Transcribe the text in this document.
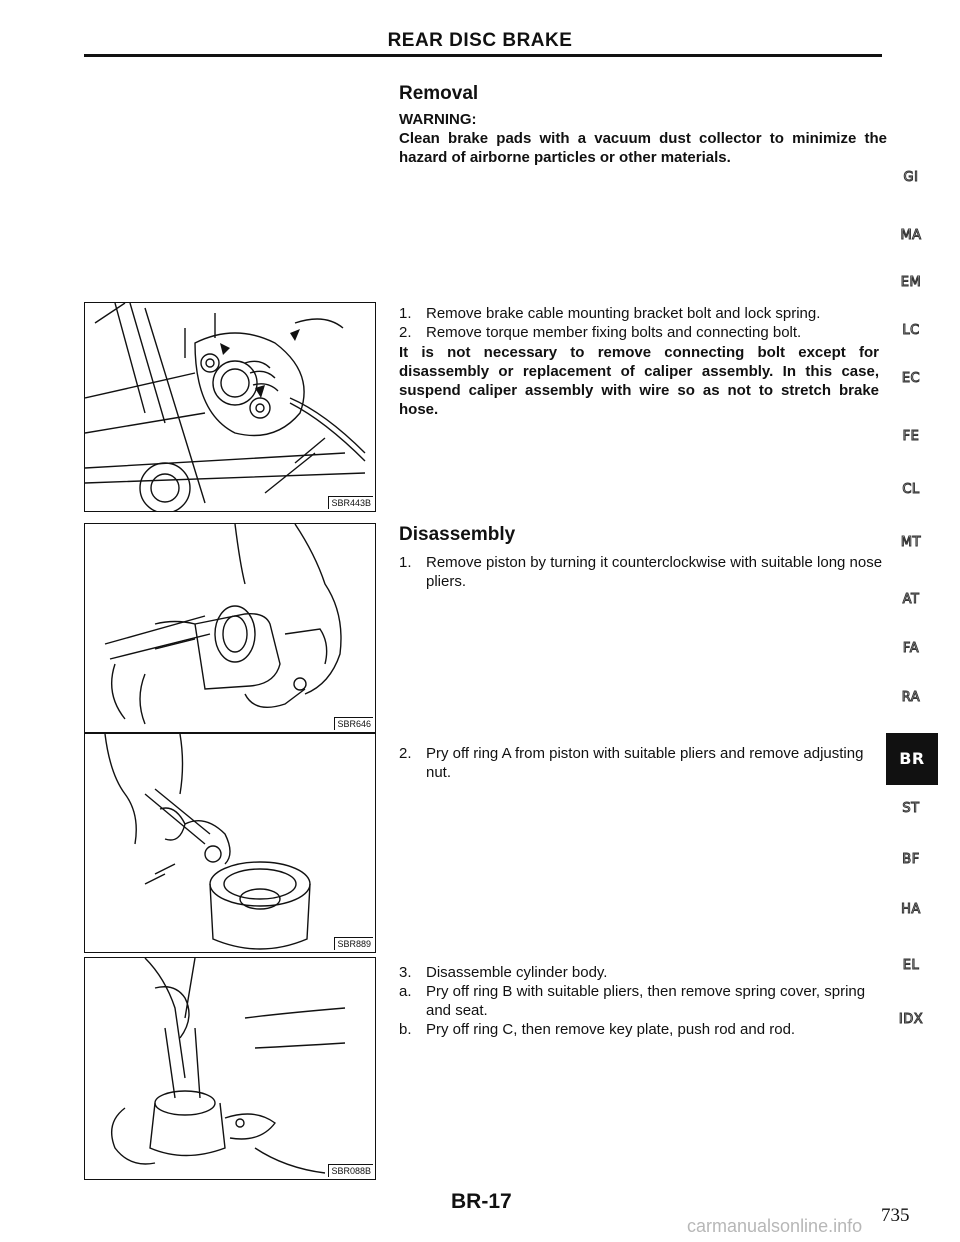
REAR DISC BRAKE
Removal
WARNING:
Clean brake pads with a vacuum dust collector to minimize the hazard of airborne particles or other materials.
1. Remove brake cable mounting bracket bolt and lock spring.
2. Remove torque member fixing bolts and connecting bolt.
It is not necessary to remove connecting bolt except for disassembly or replacement of caliper assembly. In this case, suspend caliper assembly with wire so as not to stretch brake hose.
Disassembly
1. Remove piston by turning it counterclockwise with suitable long nose pliers.
2. Pry off ring A from piston with suitable pliers and remove adjusting nut.
3. Disassemble cylinder body.
a. Pry off ring B with suitable pliers, then remove spring cover, spring and seat.
b. Pry off ring C, then remove key plate, push rod and rod.
SBR443B
SBR646
SBR889
SBR088B
GI
MA
EM
LC
EC
FE
CL
MT
AT
FA
RA
BR
ST
BF
HA
EL
IDX
BR-17
735
carmanualsonline.info
